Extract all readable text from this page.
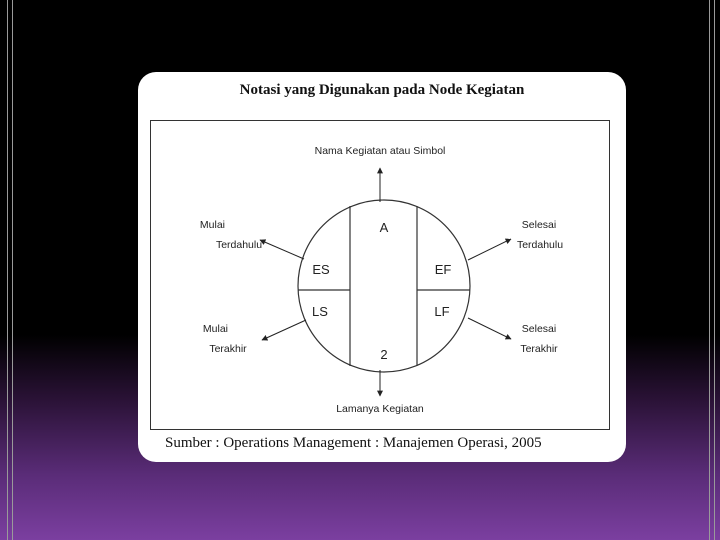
Notasi yang Digunakan pada Node Kegiatan
A
2
ES	EF
LS	LF
Nama Kegiatan atau Simbol
Lamanya Kegiatan
Mulai
Terdahulu
Mulai
Terakhir
Selesai
Terdahulu
Selesai
Terakhir
Sumber : Operations Management : Manajemen Operasi, 2005
